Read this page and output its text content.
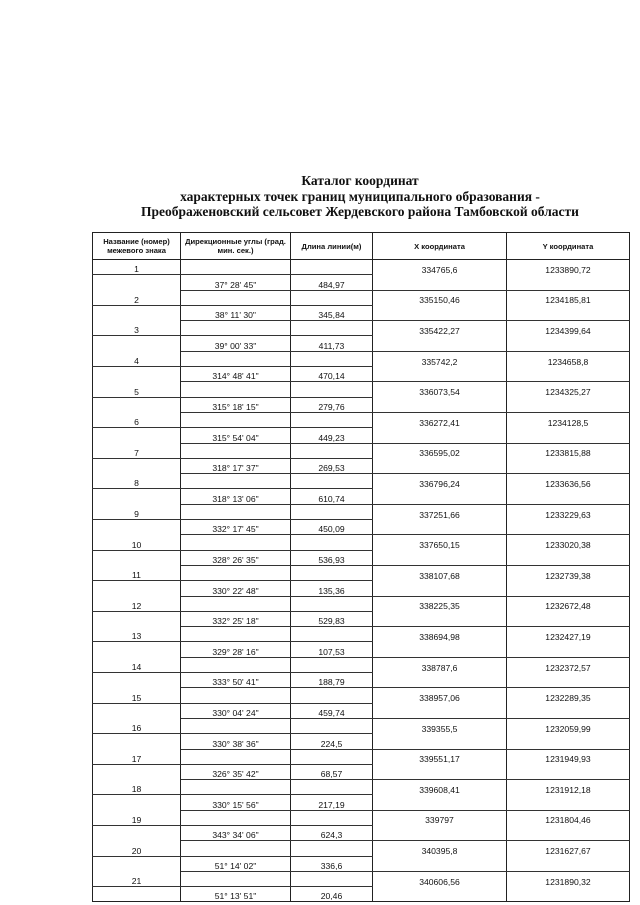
Каталог координат
характерных точек границ муниципального образования -
Преображеновский сельсовет Жердевского района Тамбовской области
Название (номер) межевого знака	Дирекционные углы (град. мин. сек.)	Длина линии(м)	X координата	Y координата
1			334765,6	1233890,72
	37° 28' 45"	484,97		
2			335150,46	1234185,81
	38° 11' 30"	345,84		
3			335422,27	1234399,64
	39° 00' 33"	411,73		
4			335742,2	1234658,8
	314° 48' 41"	470,14		
5			336073,54	1234325,27
	315° 18' 15"	279,76		
6			336272,41	1234128,5
	315° 54' 04"	449,23		
7			336595,02	1233815,88
	318° 17' 37"	269,53		
8			336796,24	1233636,56
	318° 13' 06"	610,74		
9			337251,66	1233229,63
	332° 17' 45"	450,09		
10			337650,15	1233020,38
	328° 26' 35"	536,93		
11			338107,68	1232739,38
	330° 22' 48"	135,36		
12			338225,35	1232672,48
	332° 25' 18"	529,83		
13			338694,98	1232427,19
	329° 28' 16"	107,53		
14			338787,6	1232372,57
	333° 50' 41"	188,79		
15			338957,06	1232289,35
	330° 04' 24"	459,74		
16			339355,5	1232059,99
	330° 38' 36"	224,5		
17			339551,17	1231949,93
	326° 35' 42"	68,57		
18			339608,41	1231912,18
	330° 15' 56"	217,19		
19			339797	1231804,46
	343° 34' 06"	624,3		
20			340395,8	1231627,67
	51° 14' 02"	336,6		
21			340606,56	1231890,32
	51° 13' 51"	20,46		
